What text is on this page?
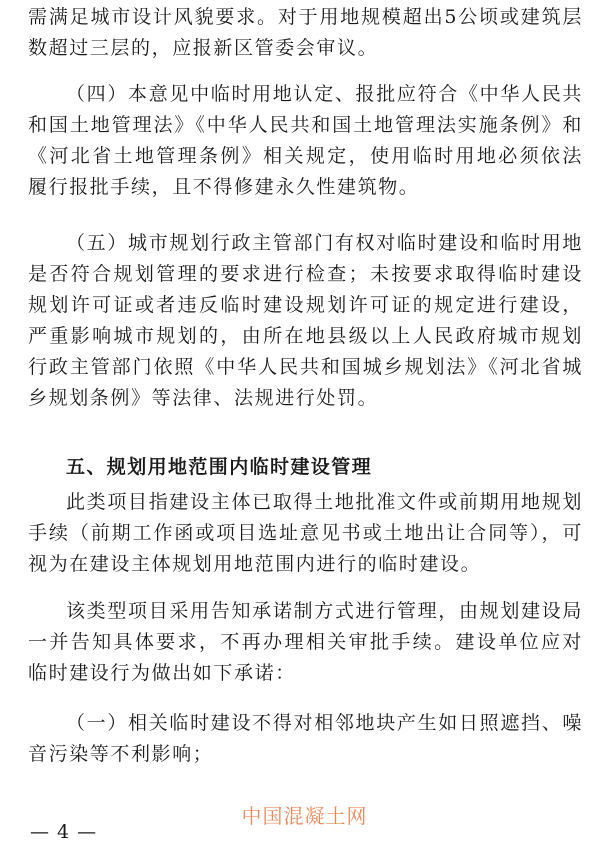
需满足城市设计风貌要求。对于用地规模超出5公顷或建筑层数超过三层的，应报新区管委会审议。

（四）本意见中临时用地认定、报批应符合《中华人民共和国土地管理法》《中华人民共和国土地管理法实施条例》和《河北省土地管理条例》相关规定，使用临时用地必须依法履行报批手续，且不得修建永久性建筑物。

（五）城市规划行政主管部门有权对临时建设和临时用地是否符合规划管理的要求进行检查；未按要求取得临时建设规划许可证或者违反临时建设规划许可证的规定进行建设，严重影响城市规划的，由所在地县级以上人民政府城市规划行政主管部门依照《中华人民共和国城乡规划法》《河北省城乡规划条例》等法律、法规进行处罚。

五、规划用地范围内临时建设管理

此类项目指建设主体已取得土地批准文件或前期用地规划手续（前期工作函或项目选址意见书或土地出让合同等），可视为在建设主体规划用地范围内进行的临时建设。

该类型项目采用告知承诺制方式进行管理，由规划建设局一并告知具体要求，不再办理相关审批手续。建设单位应对临时建设行为做出如下承诺：

（一）相关临时建设不得对相邻地块产生如日照遮挡、噪音污染等不利影响；

中国混凝土网
— 4 —
